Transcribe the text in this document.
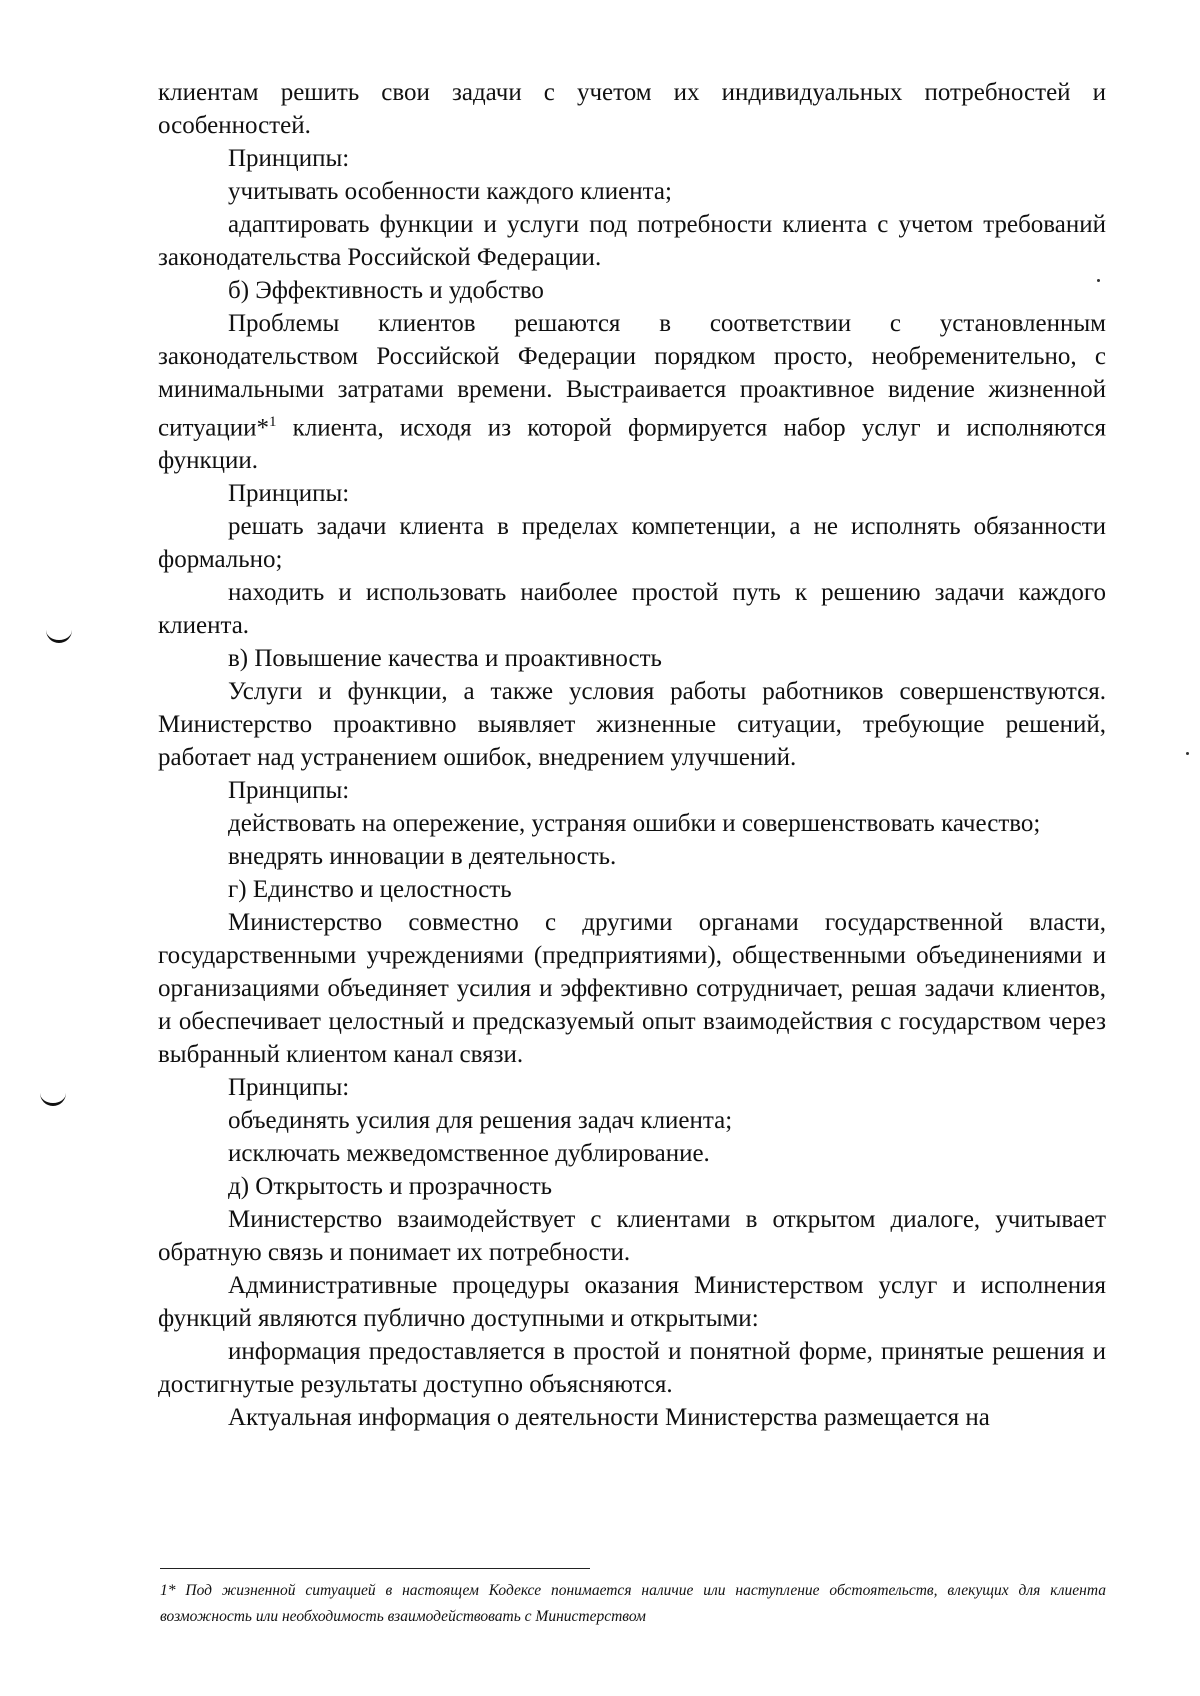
клиентам решить свои задачи с учетом их индивидуальных потребностей и особенностей.

Принципы:

учитывать особенности каждого клиента;

адаптировать функции и услуги под потребности клиента с учетом требований законодательства Российской Федерации.

б) Эффективность и удобство

Проблемы клиентов решаются в соответствии с установленным законодательством Российской Федерации порядком просто, необременительно, с минимальными затратами времени. Выстраивается проактивное видение жизненной ситуации*$^1$ клиента, исходя из которой формируется набор услуг и исполняются функции.

Принципы:

решать задачи клиента в пределах компетенции, а не исполнять обязанности формально;

находить и использовать наиболее простой путь к решению задачи каждого клиента.

в) Повышение качества и проактивность

Услуги и функции, а также условия работы работников совершенствуются. Министерство проактивно выявляет жизненные ситуации, требующие решений, работает над устранением ошибок, внедрением улучшений.

Принципы:

действовать на опережение, устраняя ошибки и совершенствовать качество;

внедрять инновации в деятельность.

г) Единство и целостность

Министерство совместно с другими органами государственной власти, государственными учреждениями (предприятиями), общественными объединениями и организациями объединяет усилия и эффективно сотрудничает, решая задачи клиентов, и обеспечивает целостный и предсказуемый опыт взаимодействия с государством через выбранный клиентом канал связи.

Принципы:

объединять усилия для решения задач клиента;

исключать межведомственное дублирование.

д) Открытость и прозрачность

Министерство взаимодействует с клиентами в открытом диалоге, учитывает обратную связь и понимает их потребности.

Административные процедуры оказания Министерством услуг и исполнения функций являются публично доступными и открытыми:

информация предоставляется в простой и понятной форме, принятые решения и достигнутые результаты доступно объясняются.

Актуальная информация о деятельности Министерства размещается на

1* Под жизненной ситуацией в настоящем Кодексе понимается наличие или наступление обстоятельств, влекущих для клиента возможность или необходимость взаимодействовать с Министерством
